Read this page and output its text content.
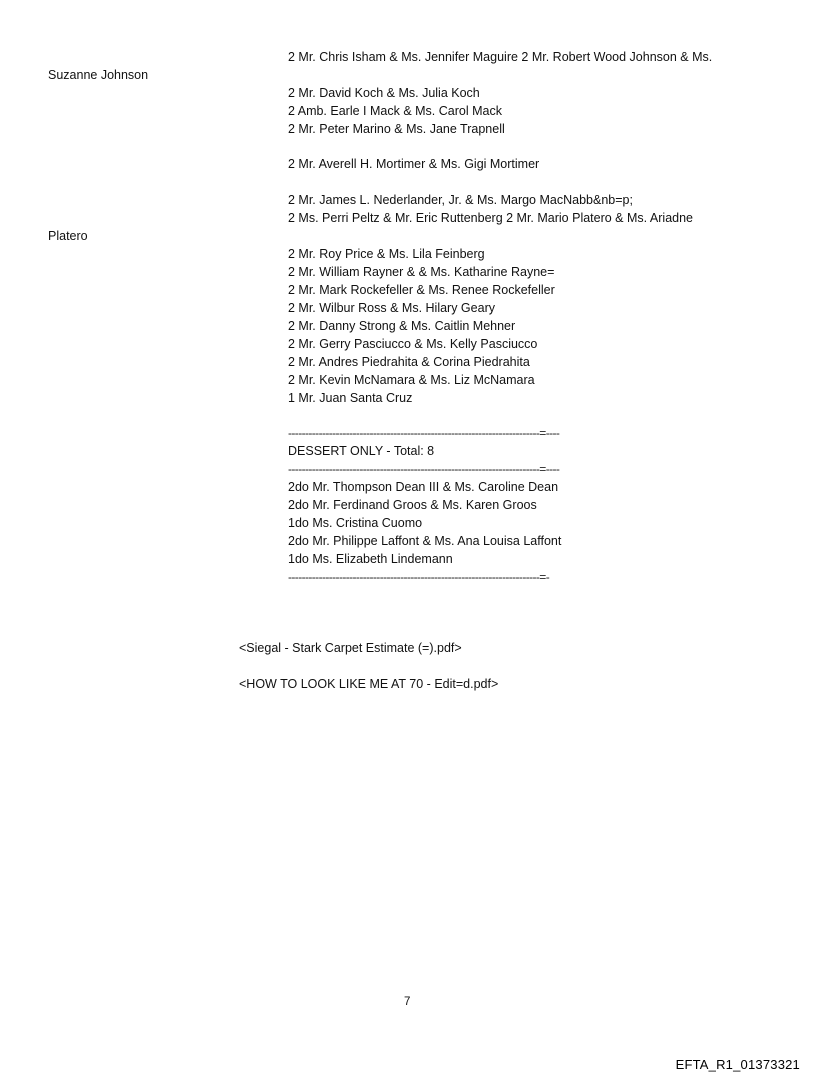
2 Mr. Chris Isham & Ms. Jennifer Maguire 2 Mr. Robert Wood Johnson & Ms.
Suzanne Johnson
2 Mr. David Koch & Ms. Julia Koch
2 Amb. Earle I Mack & Ms. Carol Mack
2 Mr. Peter Marino & Ms. Jane Trapnell
2 Mr. Averell H. Mortimer & Ms. Gigi Mortimer
2 Mr. James L. Nederlander, Jr. & Ms. Margo MacNabb&nb=p;
2 Ms. Perri Peltz & Mr. Eric Ruttenberg 2 Mr. Mario Platero & Ms. Ariadne
Platero
2 Mr. Roy Price & Ms. Lila Feinberg
2 Mr. William Rayner & & Ms. Katharine Rayne=
2 Mr. Mark Rockefeller & Ms. Renee Rockefeller
2 Mr. Wilbur Ross & Ms. Hilary Geary
2 Mr. Danny Strong & Ms. Caitlin Mehner
2 Mr. Gerry Pasciucco & Ms. Kelly Pasciucco
2 Mr. Andres Piedrahita & Corina Piedrahita
2 Mr. Kevin McNamara & Ms. Liz McNamara
1 Mr. Juan Santa Cruz
--------------------------------------------------------------------------=----
DESSERT ONLY - Total: 8
--------------------------------------------------------------------------=----
2do Mr. Thompson Dean III & Ms. Caroline Dean
2do Mr. Ferdinand Groos & Ms. Karen Groos
1do Ms. Cristina Cuomo
2do Mr. Philippe Laffont & Ms. Ana Louisa Laffont
1do Ms. Elizabeth Lindemann
--------------------------------------------------------------------------=-
<Siegal - Stark Carpet Estimate (=).pdf>
<HOW TO LOOK LIKE ME AT 70 - Edit=d.pdf>
7
EFTA_R1_01373321
